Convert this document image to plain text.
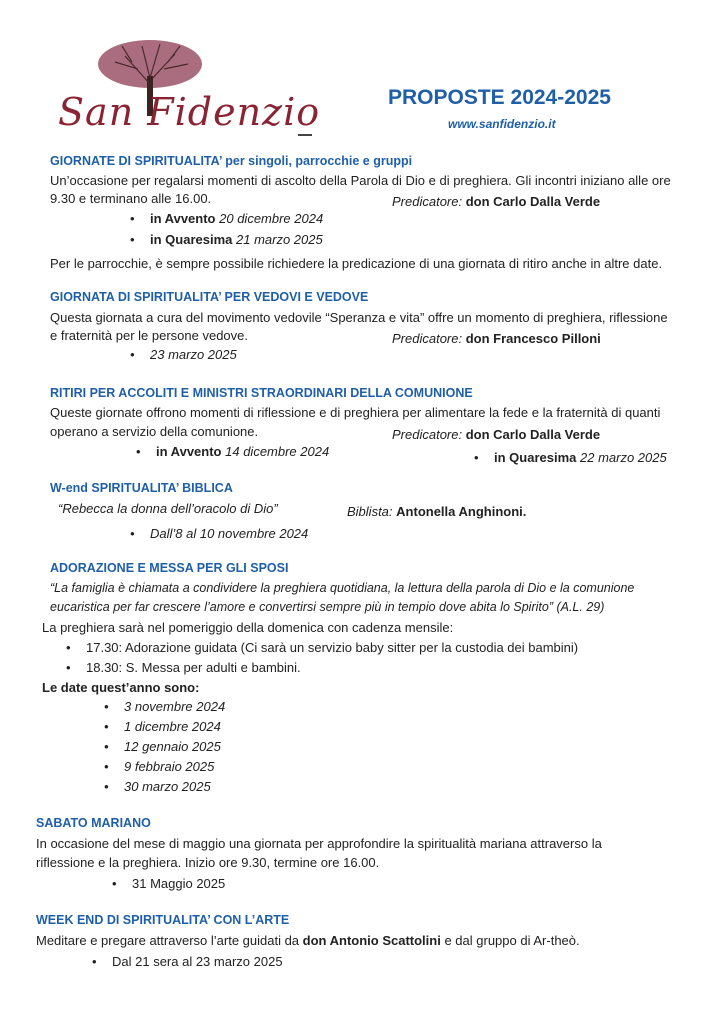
San Fidenzio	PROPOSTE 2024-2025
www.sanfidenzio.it
GIORNATE DI SPIRITUALITA’ per singoli, parrocchie e gruppi
Un’occasione per regalarsi momenti di ascolto della Parola di Dio e di preghiera. Gli incontri iniziano alle ore
9.30 e terminano alle 16.00.	Predicatore: don Carlo Dalla Verde
• in Avvento 20 dicembre 2024
• in Quaresima 21 marzo 2025
Per le parrocchie, è sempre possibile richiedere la predicazione di una giornata di ritiro anche in altre date.
GIORNATA DI SPIRITUALITA’ PER VEDOVI E VEDOVE
Questa giornata a cura del movimento vedovile “Speranza e vita” offre un momento di preghiera, riflessione
e fraternità per le persone vedove.	Predicatore: don Francesco Pilloni
• 23 marzo 2025
RITIRI PER ACCOLITI E MINISTRI STRAORDINARI DELLA COMUNIONE
Queste giornate offrono momenti di riflessione e di preghiera per alimentare la fede e la fraternità di quanti
operano a servizio della comunione.	Predicatore: don Carlo Dalla Verde
• in Avvento 14 dicembre 2024
•	in Quaresima 22 marzo 2025
W-end SPIRITUALITA’ BIBLICA
“Rebecca la donna dell’oracolo di Dio”	Biblista: Antonella Anghinoni.
• Dall’8 al 10 novembre 2024
ADORAZIONE E MESSA PER GLI SPOSI
“La famiglia è chiamata a condividere la preghiera quotidiana, la lettura della parola di Dio e la comunione
eucaristica per far crescere l’amore e convertirsi sempre più in tempio dove abita lo Spirito” (A.L. 29)
La preghiera sarà nel pomeriggio della domenica con cadenza mensile:
• 17.30: Adorazione guidata (Ci sarà un servizio baby sitter per la custodia dei bambini)
• 18.30: S. Messa per adulti e bambini.
Le date quest’anno sono:
• 3 novembre 2024
• 1 dicembre 2024
• 12 gennaio 2025
• 9 febbraio 2025
• 30 marzo 2025
SABATO MARIANO
In occasione del mese di maggio una giornata per approfondire la spiritualità mariana attraverso la
riflessione e la preghiera. Inizio ore 9.30, termine ore 16.00.
• 31 Maggio 2025
WEEK END DI SPIRITUALITA’ CON L’ARTE
Meditare e pregare attraverso l’arte guidati da don Antonio Scattolini e dal gruppo di Ar-theò.
• Dal 21 sera al 23 marzo 2025
